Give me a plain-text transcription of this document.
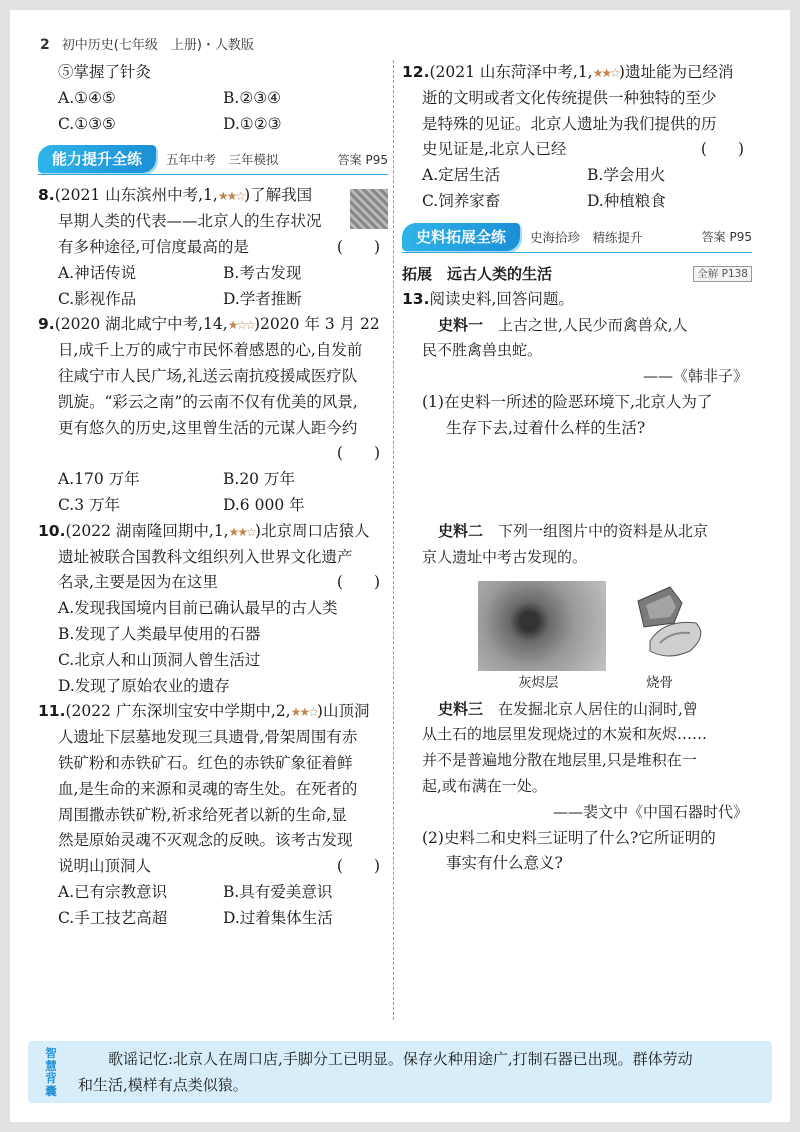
2 初中历史(七年级　上册)・人教版
⑤掌握了针灸
A.①④⑤	B.②③④
C.①③⑤	D.①②③
能力提升全练	五年中考　三年模拟	答案 P95
8.(2021 山东滨州中考,1,★★☆)了解我国
早期人类的代表——北京人的生存状况
有多种途径,可信度最高的是	(　　)
A.神话传说	B.考古发现
C.影视作品	D.学者推断
9.(2020 湖北咸宁中考,14,★☆☆)2020 年 3 月 22
日,成千上万的咸宁市民怀着感恩的心,自发前
往咸宁市人民广场,礼送云南抗疫援咸医疗队
凯旋。“彩云之南”的云南不仅有优美的风景,
更有悠久的历史,这里曾生活的元谋人距今约
(　　)
A.170 万年	B.20 万年
C.3 万年	D.6 000 年
10.(2022 湖南隆回期中,1,★★☆)北京周口店猿人
遗址被联合国教科文组织列入世界文化遗产
名录,主要是因为在这里	(　　)
A.发现我国境内目前已确认最早的古人类
B.发现了人类最早使用的石器
C.北京人和山顶洞人曾生活过
D.发现了原始农业的遗存
11.(2022 广东深圳宝安中学期中,2,★★☆)山顶洞
人遗址下层墓地发现三具遗骨,骨架周围有赤
铁矿粉和赤铁矿石。红色的赤铁矿象征着鲜
血,是生命的来源和灵魂的寄生处。在死者的
周围撒赤铁矿粉,祈求给死者以新的生命,显
然是原始灵魂不灭观念的反映。该考古发现
说明山顶洞人	(　　)
A.已有宗教意识	B.具有爱美意识
C.手工技艺高超	D.过着集体生活
12.(2021 山东菏泽中考,1,★★☆)遗址能为已经消
逝的文明或者文化传统提供一种独特的至少
是特殊的见证。北京人遗址为我们提供的历
史见证是,北京人已经	(　　)
A.定居生活	B.学会用火
C.饲养家畜	D.种植粮食
史料拓展全练	史海拾珍　精练提升	答案 P95
拓展　远古人类的生活	全解 P138
13.阅读史料,回答问题。
史料一　上古之世,人民少而禽兽众,人
民不胜禽兽虫蛇。
——《韩非子》
(1)在史料一所述的险恶环境下,北京人为了
生存下去,过着什么样的生活?
史料二　下列一组图片中的资料是从北京
京人遗址中考古发现的。
灰烬层	烧骨
史料三　在发掘北京人居住的山洞时,曾
从土石的地层里发现烧过的木炭和灰烬……
并不是普遍地分散在地层里,只是堆积在一
起,或布满在一处。
——裴文中《中国石器时代》
(2)史料二和史料三证明了什么?它所证明的
事实有什么意义?
智慧背囊
　　歌谣记忆:北京人在周口店,手脚分工已明显。保存火种用途广,打制石器已出现。群体劳动
和生活,模样有点类似猿。
